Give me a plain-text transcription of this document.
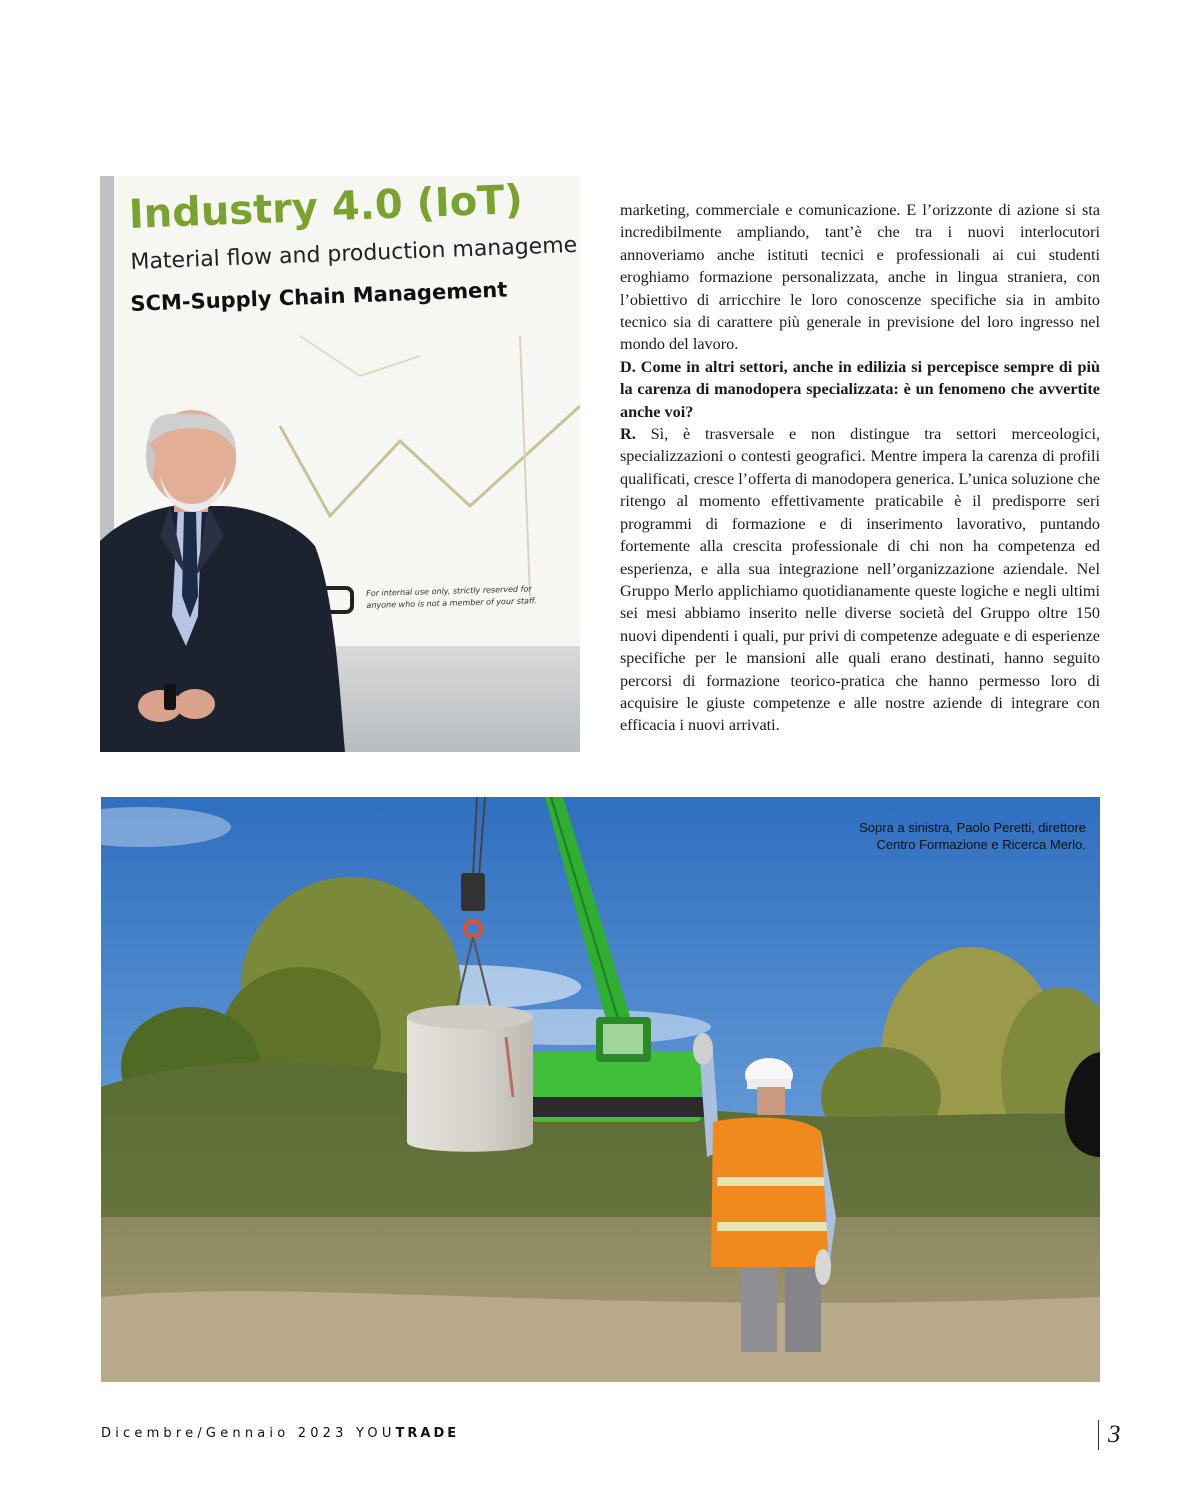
Industry 4.0 (IoT)
Material flow and production manageme
SCM-Supply Chain Management
For internal use only, strictly reserved for
anyone who is not a member of your staff.

marketing, commerciale e comunicazione. E l’orizzonte di azione si sta incredibilmente ampliando, tant’è che tra i nuovi interlocutori annoveriamo anche istituti tecnici e professionali ai cui studenti eroghiamo formazione personalizzata, anche in lingua straniera, con l’obiettivo di arricchire le loro conoscenze specifiche sia in ambito tecnico sia di carattere più generale in previsione del loro ingresso nel mondo del lavoro.

D. Come in altri settori, anche in edilizia si percepisce sempre di più la carenza di manodopera specializzata: è un fenomeno che avvertite anche voi?

R. Sì, è trasversale e non distingue tra settori merceologici, specializzazioni o contesti geografici. Mentre impera la carenza di profili qualificati, cresce l’offerta di manodopera generica. L’unica soluzione che ritengo al momento effettivamente praticabile è il predisporre seri programmi di formazione e di inserimento lavorativo, puntando fortemente alla crescita professionale di chi non ha competenza ed esperienza, e alla sua integrazione nell’organizzazione aziendale. Nel Gruppo Merlo applichiamo quotidianamente queste logiche e negli ultimi sei mesi abbiamo inserito nelle diverse società del Gruppo oltre 150 nuovi dipendenti i quali, pur privi di competenze adeguate e di esperienze specifiche per le mansioni alle quali erano destinati, hanno seguito percorsi di formazione teorico-pratica che hanno permesso loro di acquisire le giuste competenze e alle nostre aziende di integrare con efficacia i nuovi arrivati.

Sopra a sinistra, Paolo Peretti, direttore
Centro Formazione e Ricerca Merlo.
Dicembre/Gennaio 2023 YOUTRADE	3
